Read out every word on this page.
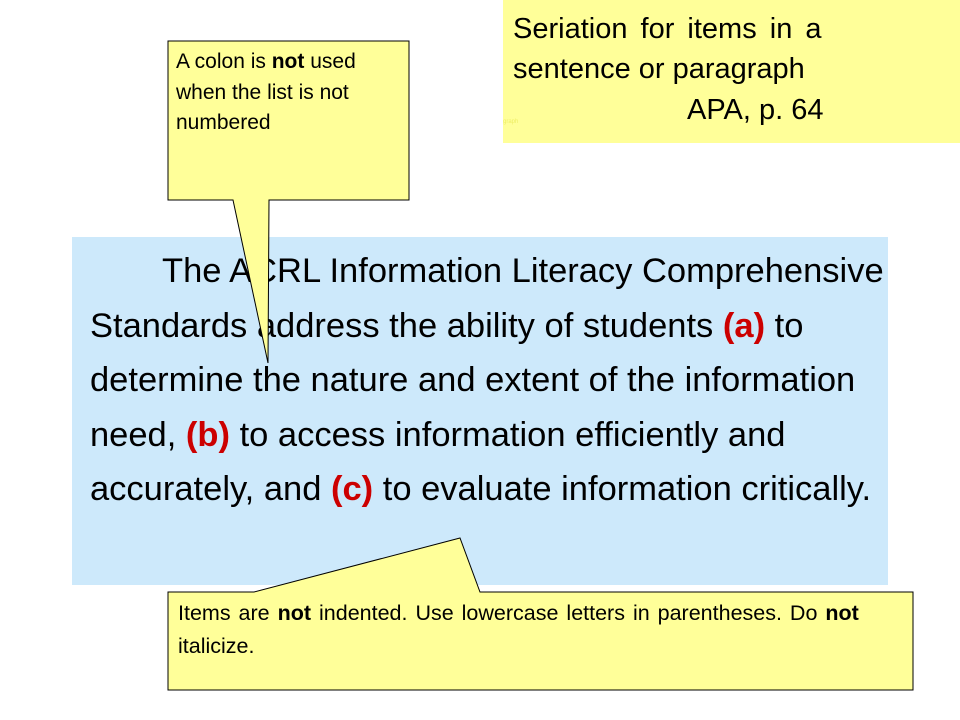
Seriation for items in a
sentence or paragraph
APA, p. 64
graph

The ACRL Information Literacy Comprehensive Standards address the ability of students (a) to determine the nature and extent of the information need, (b) to access information efficiently and accurately, and (c) to evaluate information critically.

A colon is not used when the list is not numbered
Items are not indented. Use lowercase letters in parentheses. Do not italicize.
